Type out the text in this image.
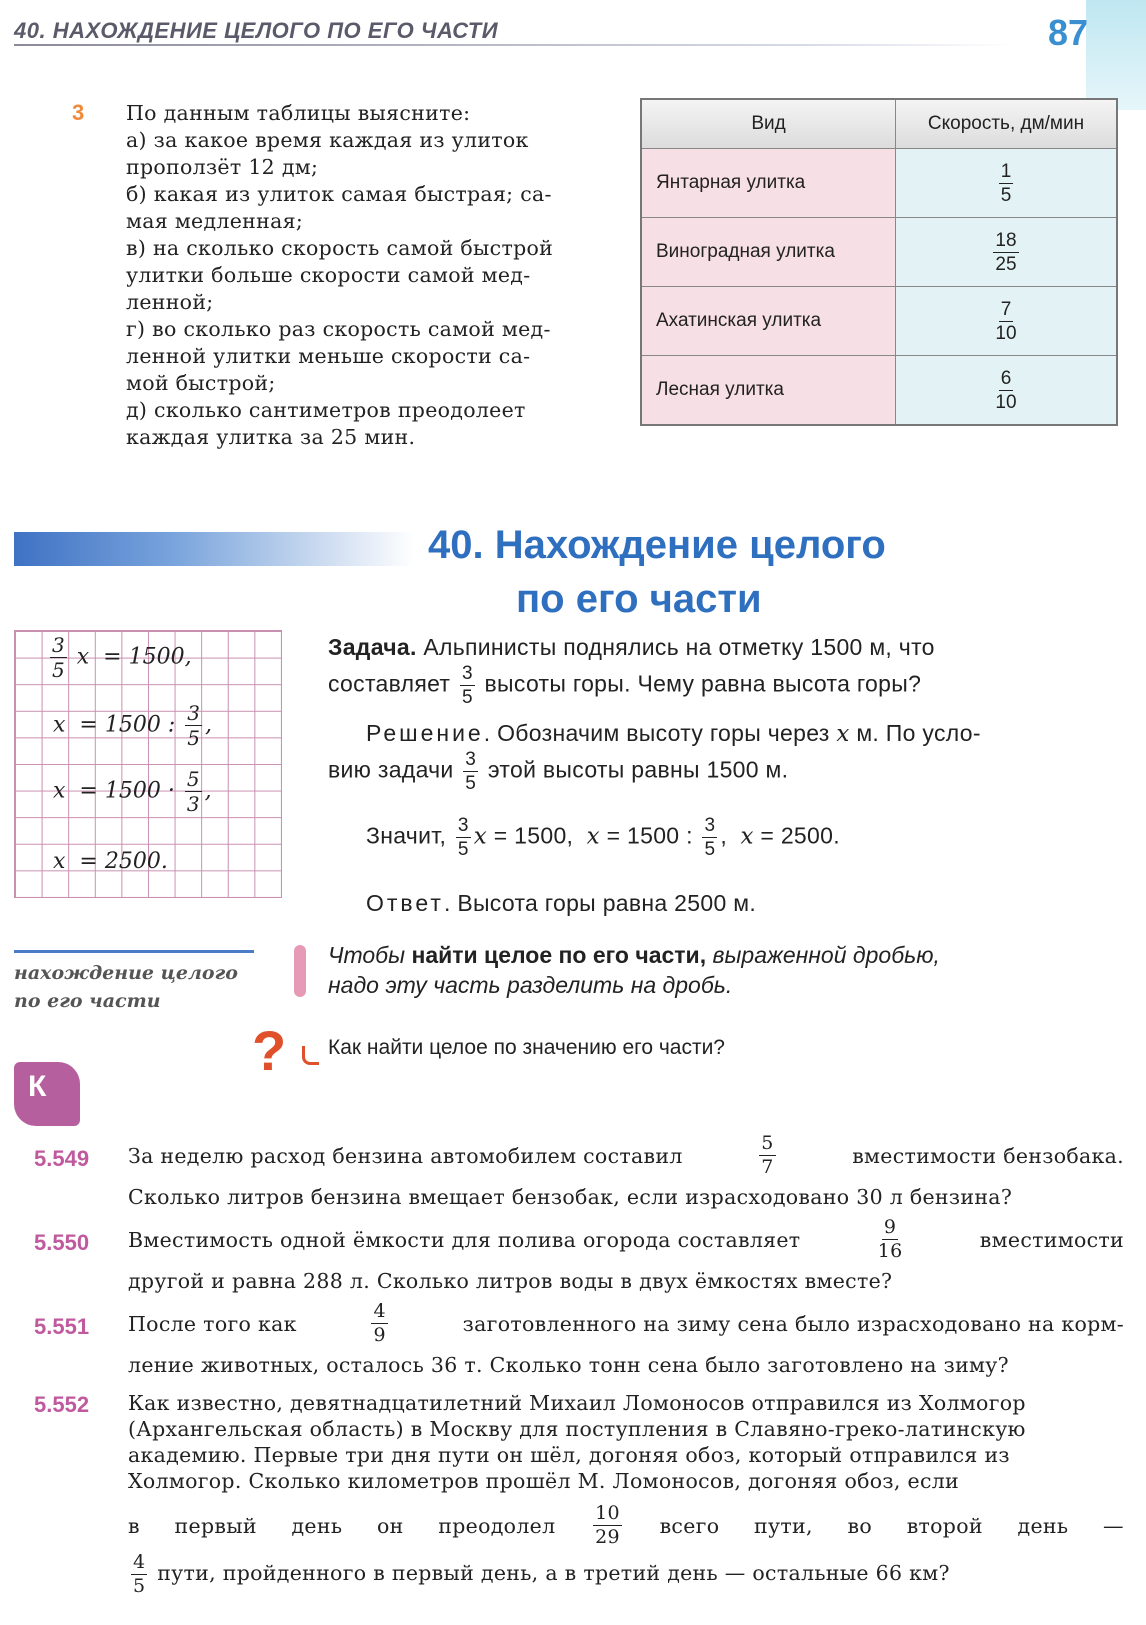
40. НАХОЖДЕНИЕ ЦЕЛОГО ПО ЕГО ЧАСТИ	87
3 По данным таблицы выясните:
а) за какое время каждая из улиток
проползёт 12 дм;
б) какая из улиток самая быстрая; са-
мая медленная;
в) на сколько скорость самой быстрой
улитки больше скорости самой мед-
ленной;
г) во сколько раз скорость самой мед-
ленной улитки меньше скорости са-
мой быстрой;
д) сколько сантиметров преодолеет
каждая улитка за 25 мин.
Вид	Скорость, дм/мин
Янтарная улитка	$\frac{1}{5}$

Виноградная улитка	$\frac{18}{25}$

Ахатинская улитка	$\frac{7}{10}$

Лесная улитка	$\frac{6}{10}$
40. Нахождение целого
по его части
$\frac{3}{5}$ x = 1500,
x = 1500 : $\frac{3}{5}$ ,
$x = 1500 \cdot \frac{5}{3}$ ,
x = 2500.
Задача. Альпинисты поднялись на отметку 1500 м, что
составляет $\frac{3}{5}$ высоты горы. Чему равна высота горы?
Решение. Обозначим высоту горы через x м. По усло-
вию задачи $\frac{3}{5}$ этой высоты равны 1500 м.
Значит, $\frac{3}{5}$ x = 1500, x = 1500 : $\frac{3}{5}$ ,  x = 2500.
Ответ. Высота горы равна 2500 м.
нахождение целого
по его части
Чтобы найти целое по его части, выраженной дробью,
надо эту часть разделить на дробь.
? Как найти целое по значению его части?
К
5.549 За неделю расход бензина автомобилем составил	$\frac{5}{7}$	вместимости бензобака.
Сколько литров бензина вмещает бензобак, если израсходовано 30 л бензина?
5.550 Вместимость одной ёмкости для полива огорода составляет	$\frac{9}{16}$	вместимости
другой и равна 288 л. Сколько литров воды в двух ёмкостях вместе?
5.551 После того как	$\frac{4}{9}$	заготовленного на зиму сена было израсходовано на корм-
ление животных, осталось 36 т. Сколько тонн сена было заготовлено на зиму?
5.552 Как известно, девятнадцатилетний Михаил Ломоносов отправился из Холмогор
(Архангельская область) в Москву для поступления в Славяно-греко-латинскую
академию. Первые три дня пути он шёл, догоняя обоз, который отправился из
Холмогор. Сколько километров прошёл М. Ломоносов, догоняя обоз, если
в первый день он преодолел $\frac{10}{29}$ всего пути, во второй день —
$\frac{4}{5}$ пути, пройденного в первый день, а в третий день — остальные 66 км?
